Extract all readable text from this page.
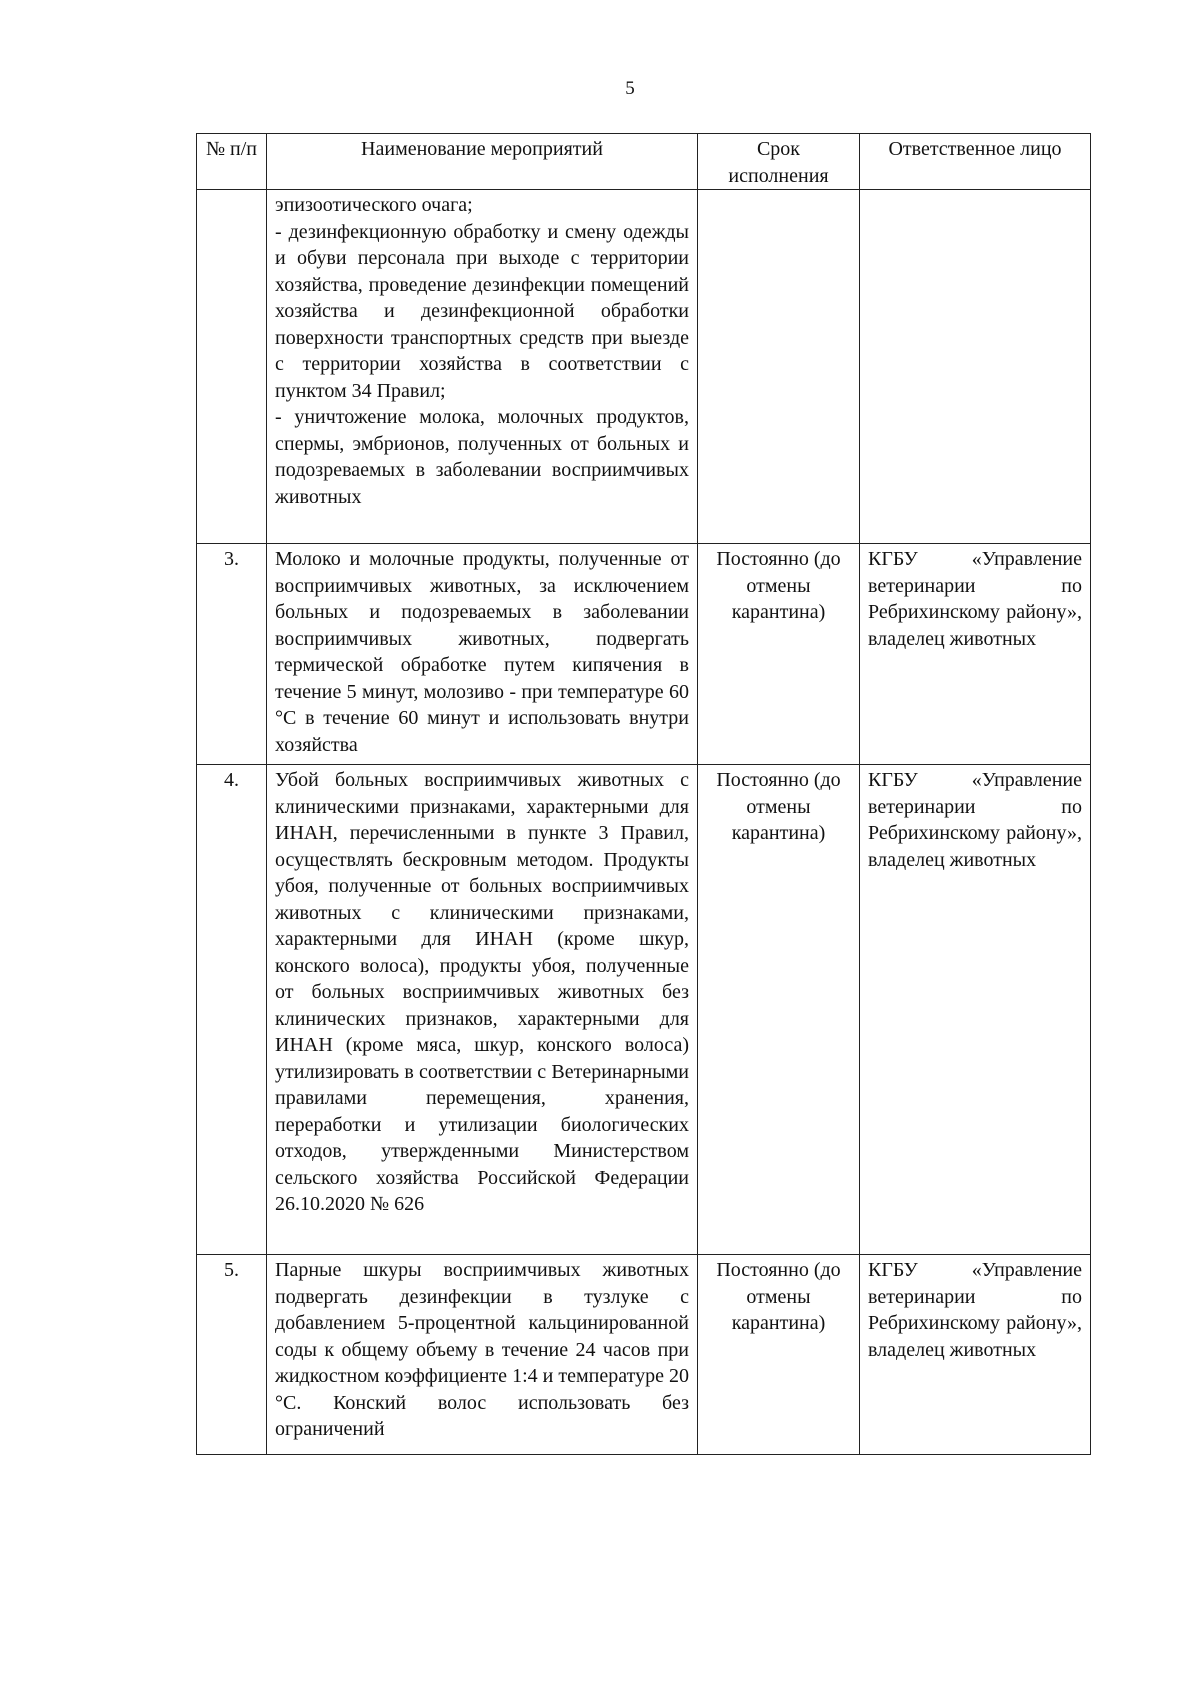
5
№ п/п	Наименование мероприятий	Срок исполнения	Ответственное лицо
	эпизоотического очага;
- дезинфекционную обработку и смену одежды и обуви персонала при выходе с территории хозяйства, проведение дезинфекции помещений хозяйства и дезинфекционной обработки поверхности транспортных средств при выезде с территории хозяйства в соответствии с пунктом 34 Правил;
- уничтожение молока, молочных продуктов, спермы, эмбрионов, полученных от больных и подозреваемых в заболевании восприимчивых животных		
3.	Молоко и молочные продукты, полученные от восприимчивых животных, за исключением больных и подозреваемых в заболевании восприимчивых животных, подвергать термической обработке путем кипячения в течение 5 минут, молозиво - при температуре 60 °С в течение 60 минут и использовать внутри хозяйства	Постоянно (до отмены карантина)	КГБУ «Управление ветеринарии по Ребрихинскому району», владелец животных
4.	Убой больных восприимчивых животных с клиническими признаками, характерными для ИНАН, перечисленными в пункте 3 Правил, осуществлять бескровным методом. Продукты убоя, полученные от больных восприимчивых животных с клиническими признаками, характерными для ИНАН (кроме шкур, конского волоса), продукты убоя, полученные от больных восприимчивых животных без клинических признаков, характерными для ИНАН (кроме мяса, шкур, конского волоса) утилизировать в соответствии с Ветеринарными правилами перемещения, хранения, переработки и утилизации биологических отходов, утвержденными Министерством сельского хозяйства Российской Федерации 26.10.2020 № 626	Постоянно (до отмены карантина)	КГБУ «Управление ветеринарии по Ребрихинскому району», владелец животных
5.	Парные шкуры восприимчивых животных подвергать дезинфекции в тузлуке с добавлением 5-процентной кальцинированной соды к общему объему в течение 24 часов при жидкостном коэффициенте 1:4 и температуре 20 °С. Конский волос использовать без ограничений	Постоянно (до отмены карантина)	КГБУ «Управление ветеринарии по Ребрихинскому району», владелец животных
